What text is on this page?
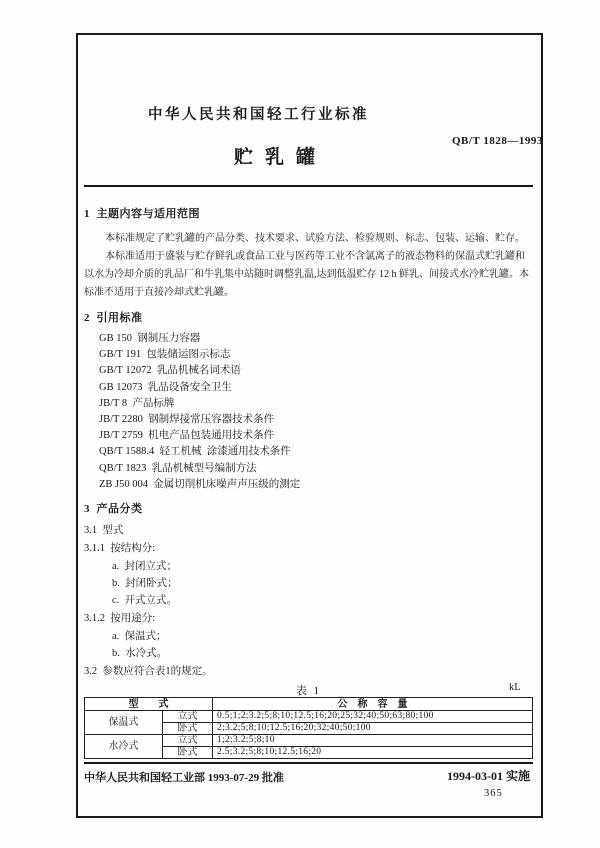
中华人民共和国轻工行业标准
QB/T 1828—1993
贮乳罐
1  主题内容与适用范围

本标准规定了贮乳罐的产品分类、技术要求、试验方法、检验规则、标志、包装、运输、贮存。

本标准适用于盛装与贮存鲜乳或食品工业与医药等工业不含氯离子的液态物料的保温式贮乳罐和以水为冷却介质的乳品厂和牛乳集中站随时调整乳温,达到低温贮存 12 h 鲜乳、间接式水冷贮乳罐。本标准不适用于直接冷却式贮乳罐。

2  引用标准
GB 150  钢制压力容器
GB/T 191  包装储运图示标志
GB/T 12072  乳品机械名词术语
GB 12073  乳品设备安全卫生
JB/T 8  产品标牌
JB/T 2280  钢制焊接常压容器技术条件
JB/T 2759  机电产品包装通用技术条件
QB/T 1588.4  轻工机械  涂漆通用技术条件
QB/T 1823  乳品机械型号编制方法
ZB J50 004  金属切削机床噪声声压级的测定
3  产品分类
3.1  型式
3.1.1  按结构分:
a.  封闭立式；
b.  封闭卧式；
c.  开式立式。
3.1.2  按用途分:
a.  保温式；
b.  水冷式。
3.2  参数应符合表1的规定。
表 1	kL
型　　式		公　称　容　量
保温式	立式	0.5;1;2;3.2;5;8;10;12.5;16;20;25;32;40;50;63;80;100
	卧式	2;3.2;5;8;10;12.5;16;20;32;40;50;100
水冷式	立式	1;2;3.2;5;8;10
	卧式	2.5;3.2;5;8;10;12.5;16;20
中华人民共和国轻工业部 1993-07-29 批准	1994-03-01 实施
365
